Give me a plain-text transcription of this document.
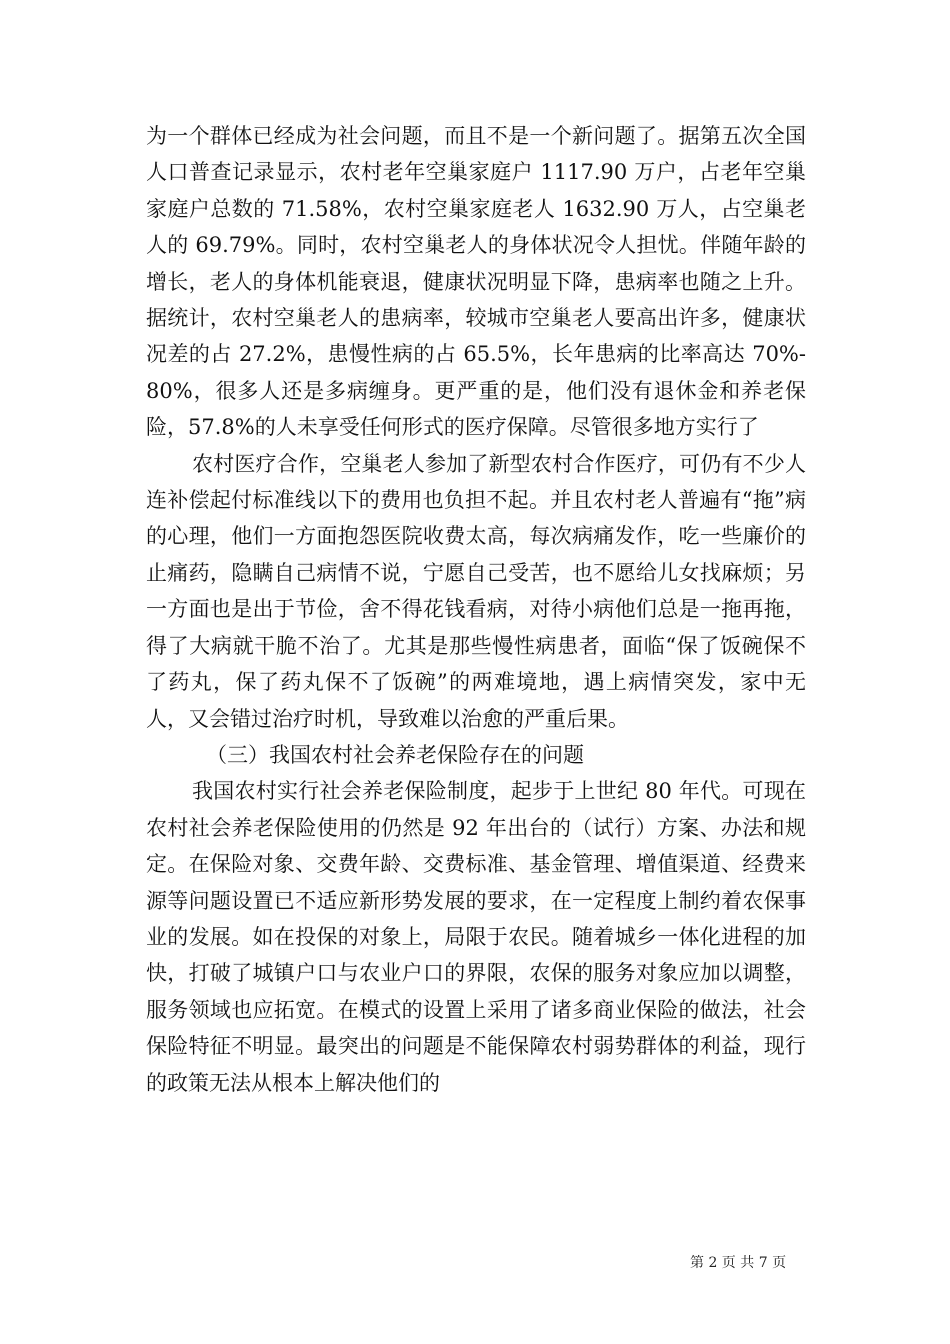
为一个群体已经成为社会问题，而且不是一个新问题了。据第五次全国人口普查记录显示，农村老年空巢家庭户 1117.90 万户，占老年空巢家庭户总数的 71.58%，农村空巢家庭老人 1632.90 万人，占空巢老人的 69.79%。同时，农村空巢老人的身体状况令人担忧。伴随年龄的增长，老人的身体机能衰退，健康状况明显下降，患病率也随之上升。据统计，农村空巢老人的患病率，较城市空巢老人要高出许多，健康状况差的占 27.2%，患慢性病的占 65.5%，长年患病的比率高达 70%-80%，很多人还是多病缠身。更严重的是，他们没有退休金和养老保险，57.8%的人未享受任何形式的医疗保障。尽管很多地方实行了

农村医疗合作，空巢老人参加了新型农村合作医疗，可仍有不少人连补偿起付标准线以下的费用也负担不起。并且农村老人普遍有“拖”病的心理，他们一方面抱怨医院收费太高，每次病痛发作，吃一些廉价的止痛药，隐瞒自己病情不说，宁愿自己受苦，也不愿给儿女找麻烦；另一方面也是出于节俭，舍不得花钱看病，对待小病他们总是一拖再拖，得了大病就干脆不治了。尤其是那些慢性病患者，面临“保了饭碗保不了药丸，保了药丸保不了饭碗”的两难境地，遇上病情突发，家中无人，又会错过治疗时机，导致难以治愈的严重后果。

（三）我国农村社会养老保险存在的问题

我国农村实行社会养老保险制度，起步于上世纪 80 年代。可现在农村社会养老保险使用的仍然是 92 年出台的（试行）方案、办法和规定。在保险对象、交费年龄、交费标准、基金管理、增值渠道、经费来源等问题设置已不适应新形势发展的要求，在一定程度上制约着农保事业的发展。如在投保的对象上，局限于农民。随着城乡一体化进程的加快，打破了城镇户口与农业户口的界限，农保的服务对象应加以调整，服务领域也应拓宽。在模式的设置上采用了诸多商业保险的做法，社会保险特征不明显。最突出的问题是不能保障农村弱势群体的利益，现行的政策无法从根本上解决他们的

第 2 页 共 7 页
